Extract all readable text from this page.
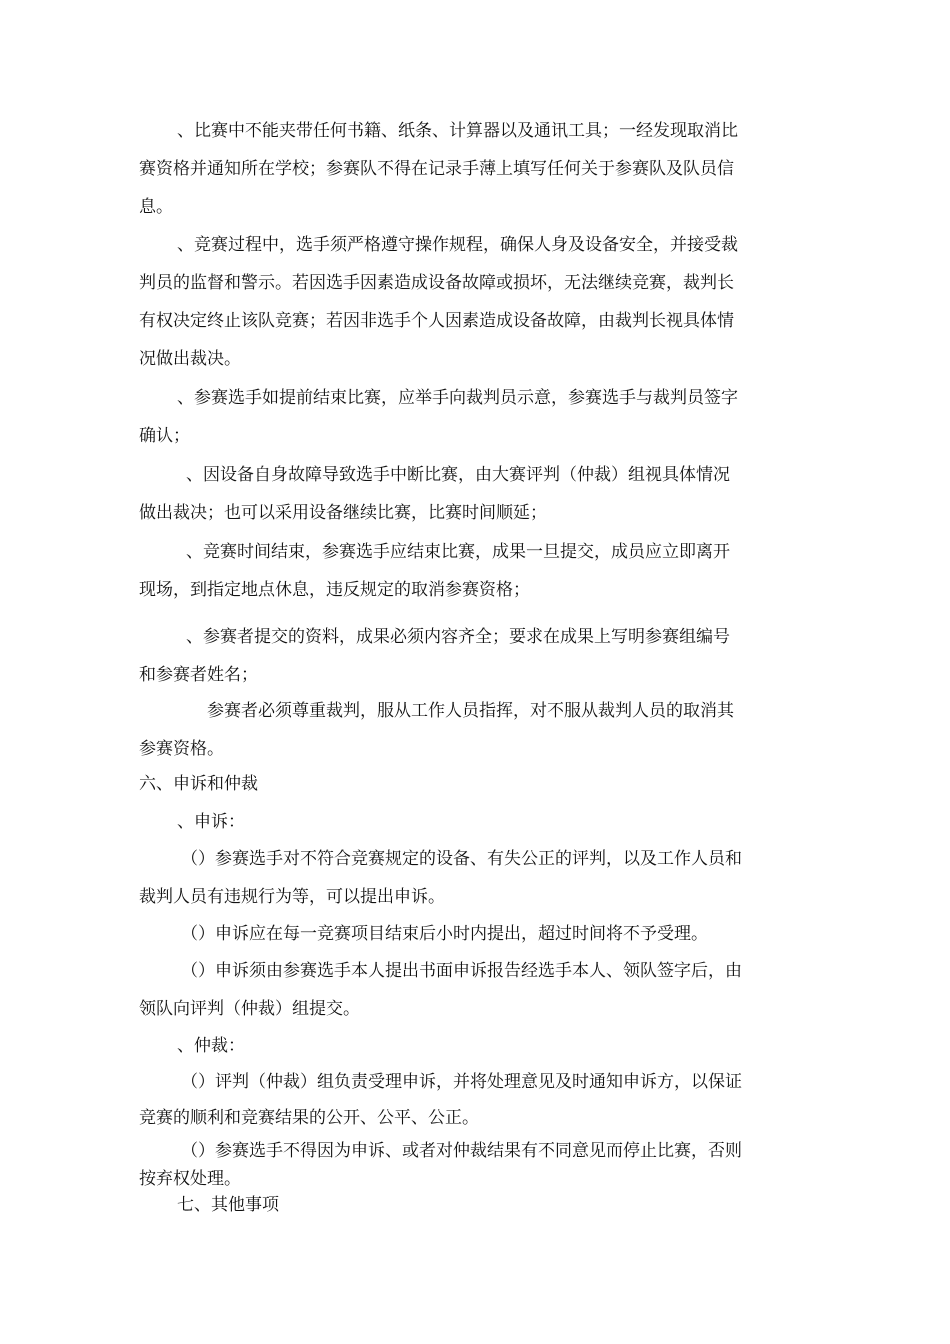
、比赛中不能夹带任何书籍、纸条、计算器以及通讯工具；一经发现取消比
赛资格并通知所在学校；参赛队不得在记录手薄上填写任何关于参赛队及队员信
息。
、竞赛过程中，选手须严格遵守操作规程，确保人身及设备安全，并接受裁
判员的监督和警示。若因选手因素造成设备故障或损坏，无法继续竞赛，裁判长
有权决定终止该队竞赛；若因非选手个人因素造成设备故障，由裁判长视具体情
况做出裁决。
、参赛选手如提前结束比赛，应举手向裁判员示意，参赛选手与裁判员签字
确认；
、因设备自身故障导致选手中断比赛，由大赛评判（仲裁）组视具体情况
做出裁决；也可以采用设备继续比赛，比赛时间顺延；
、竞赛时间结束，参赛选手应结束比赛，成果一旦提交，成员应立即离开
现场，到指定地点休息，违反规定的取消参赛资格；
、参赛者提交的资料，成果必须内容齐全；要求在成果上写明参赛组编号
和参赛者姓名；
参赛者必须尊重裁判，服从工作人员指挥，对不服从裁判人员的取消其
参赛资格。
六、申诉和仲裁
、申诉：
（）参赛选手对不符合竞赛规定的设备、有失公正的评判，以及工作人员和
裁判人员有违规行为等，可以提出申诉。
（）申诉应在每一竞赛项目结束后小时内提出，超过时间将不予受理。
（）申诉须由参赛选手本人提出书面申诉报告经选手本人、领队签字后，由
领队向评判（仲裁）组提交。
、仲裁：
（）评判（仲裁）组负责受理申诉，并将处理意见及时通知申诉方，以保证
竞赛的顺利和竞赛结果的公开、公平、公正。
（）参赛选手不得因为申诉、或者对仲裁结果有不同意见而停止比赛，否则
按弃权处理。
七、其他事项
